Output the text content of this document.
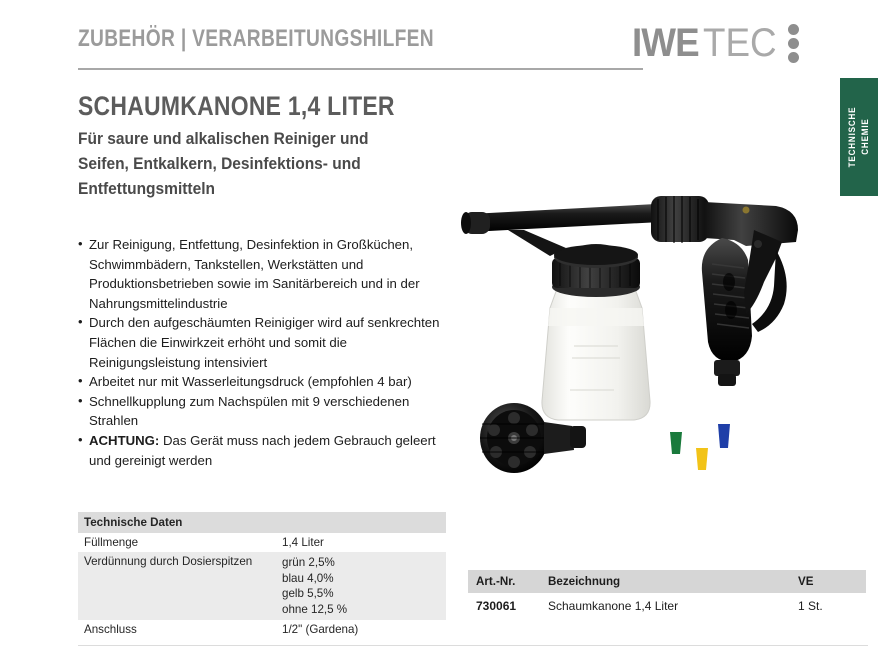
ZUBEHÖR | VERARBEITUNGSHILFEN	IWE TEC
TECHNISCHE CHEMIE
SCHAUMKANONE 1,4 LITER
Für saure und alkalischen Reiniger und Seifen, Entkalkern, Desinfektions- und Entfettungsmitteln
• Zur Reinigung, Entfettung, Desinfektion in Großküchen, Schwimmbädern, Tankstellen, Werkstätten und Produktionsbetrieben sowie im Sanitärbereich und in der Nahrungsmittelindustrie
• Durch den aufgeschäumten Reinigiger wird auf senkrechten Flächen die Einwirkzeit erhöht und somit die Reinigungsleistung intensiviert
• Arbeitet nur mit Wasserleitungsdruck (empfohlen 4 bar)
• Schnellkupplung zum Nachspülen mit 9 verschiedenen Strahlen
• ACHTUNG: Das Gerät muss nach jedem Gebrauch geleert und gereinigt werden
Technische Daten	
Füllmenge	1,4 Liter
Verdünnung durch Dosierspitzen	grün 2,5%
blau 4,0%
gelb 5,5%
ohne 12,5 %

Anschluss	1/2" (Gardena)
Art.-Nr.	Bezeichnung	VE
730061	Schaumkanone 1,4 Liter	1 St.
